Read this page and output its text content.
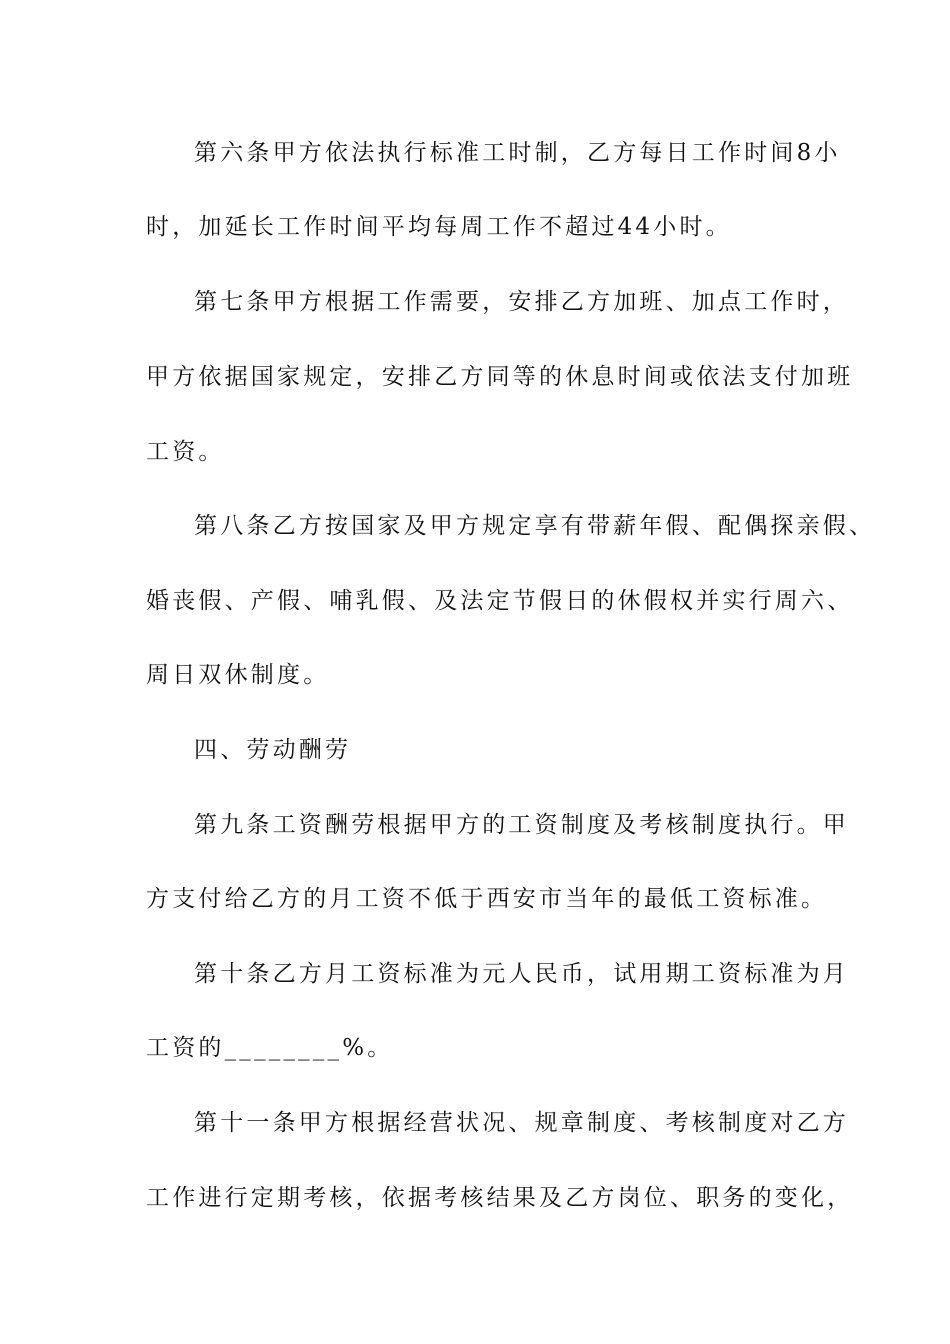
第六条甲方依法执行标准工时制，乙方每日工作时间8小
时，加延长工作时间平均每周工作不超过44小时。
第七条甲方根据工作需要，安排乙方加班、加点工作时，
甲方依据国家规定，安排乙方同等的休息时间或依法支付加班
工资。
第八条乙方按国家及甲方规定享有带薪年假、配偶探亲假、
婚丧假、产假、哺乳假、及法定节假日的休假权并实行周六、
周日双休制度。
四、劳动酬劳
第九条工资酬劳根据甲方的工资制度及考核制度执行。甲
方支付给乙方的月工资不低于西安市当年的最低工资标准。
第十条乙方月工资标准为元人民币，试用期工资标准为月
工资的________%。
第十一条甲方根据经营状况、规章制度、考核制度对乙方
工作进行定期考核，依据考核结果及乙方岗位、职务的变化，
